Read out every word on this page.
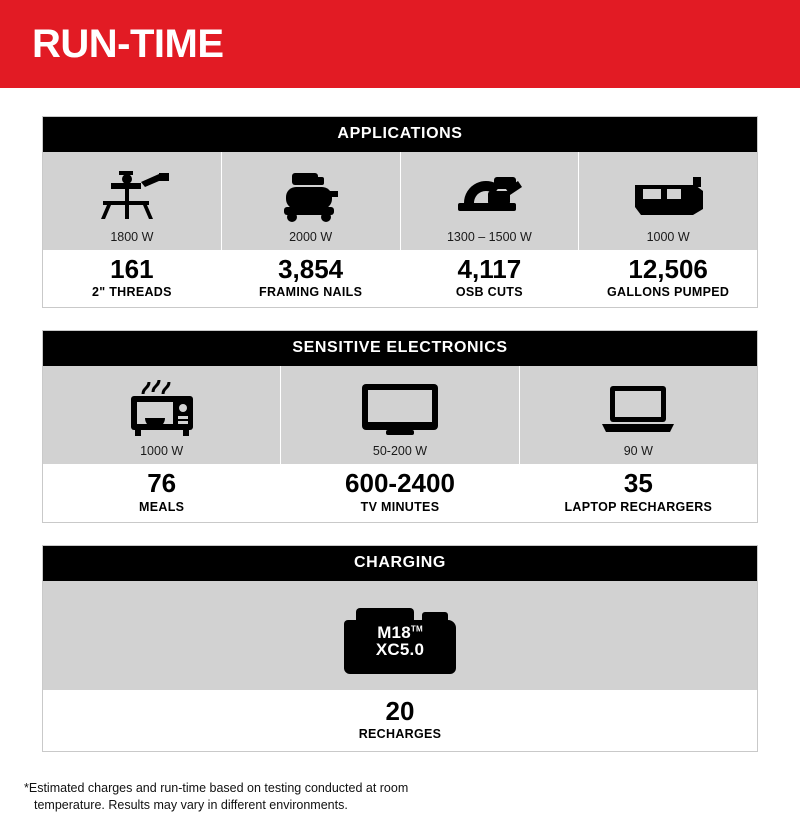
RUN-TIME
APPLICATIONS
1800 W
161
2" THREADS
2000 W
3,854
FRAMING NAILS
1300 – 1500 W
4,117
OSB CUTS
1000 W
12,506
GALLONS PUMPED
SENSITIVE ELECTRONICS
1000 W
76
MEALS
50-200 W
600-2400
TV MINUTES
90 W
35
LAPTOP RECHARGERS
CHARGING
M18™
XC5.0
20
RECHARGES
*Estimated charges and run-time based on testing conducted at room
temperature. Results may vary in different environments.
